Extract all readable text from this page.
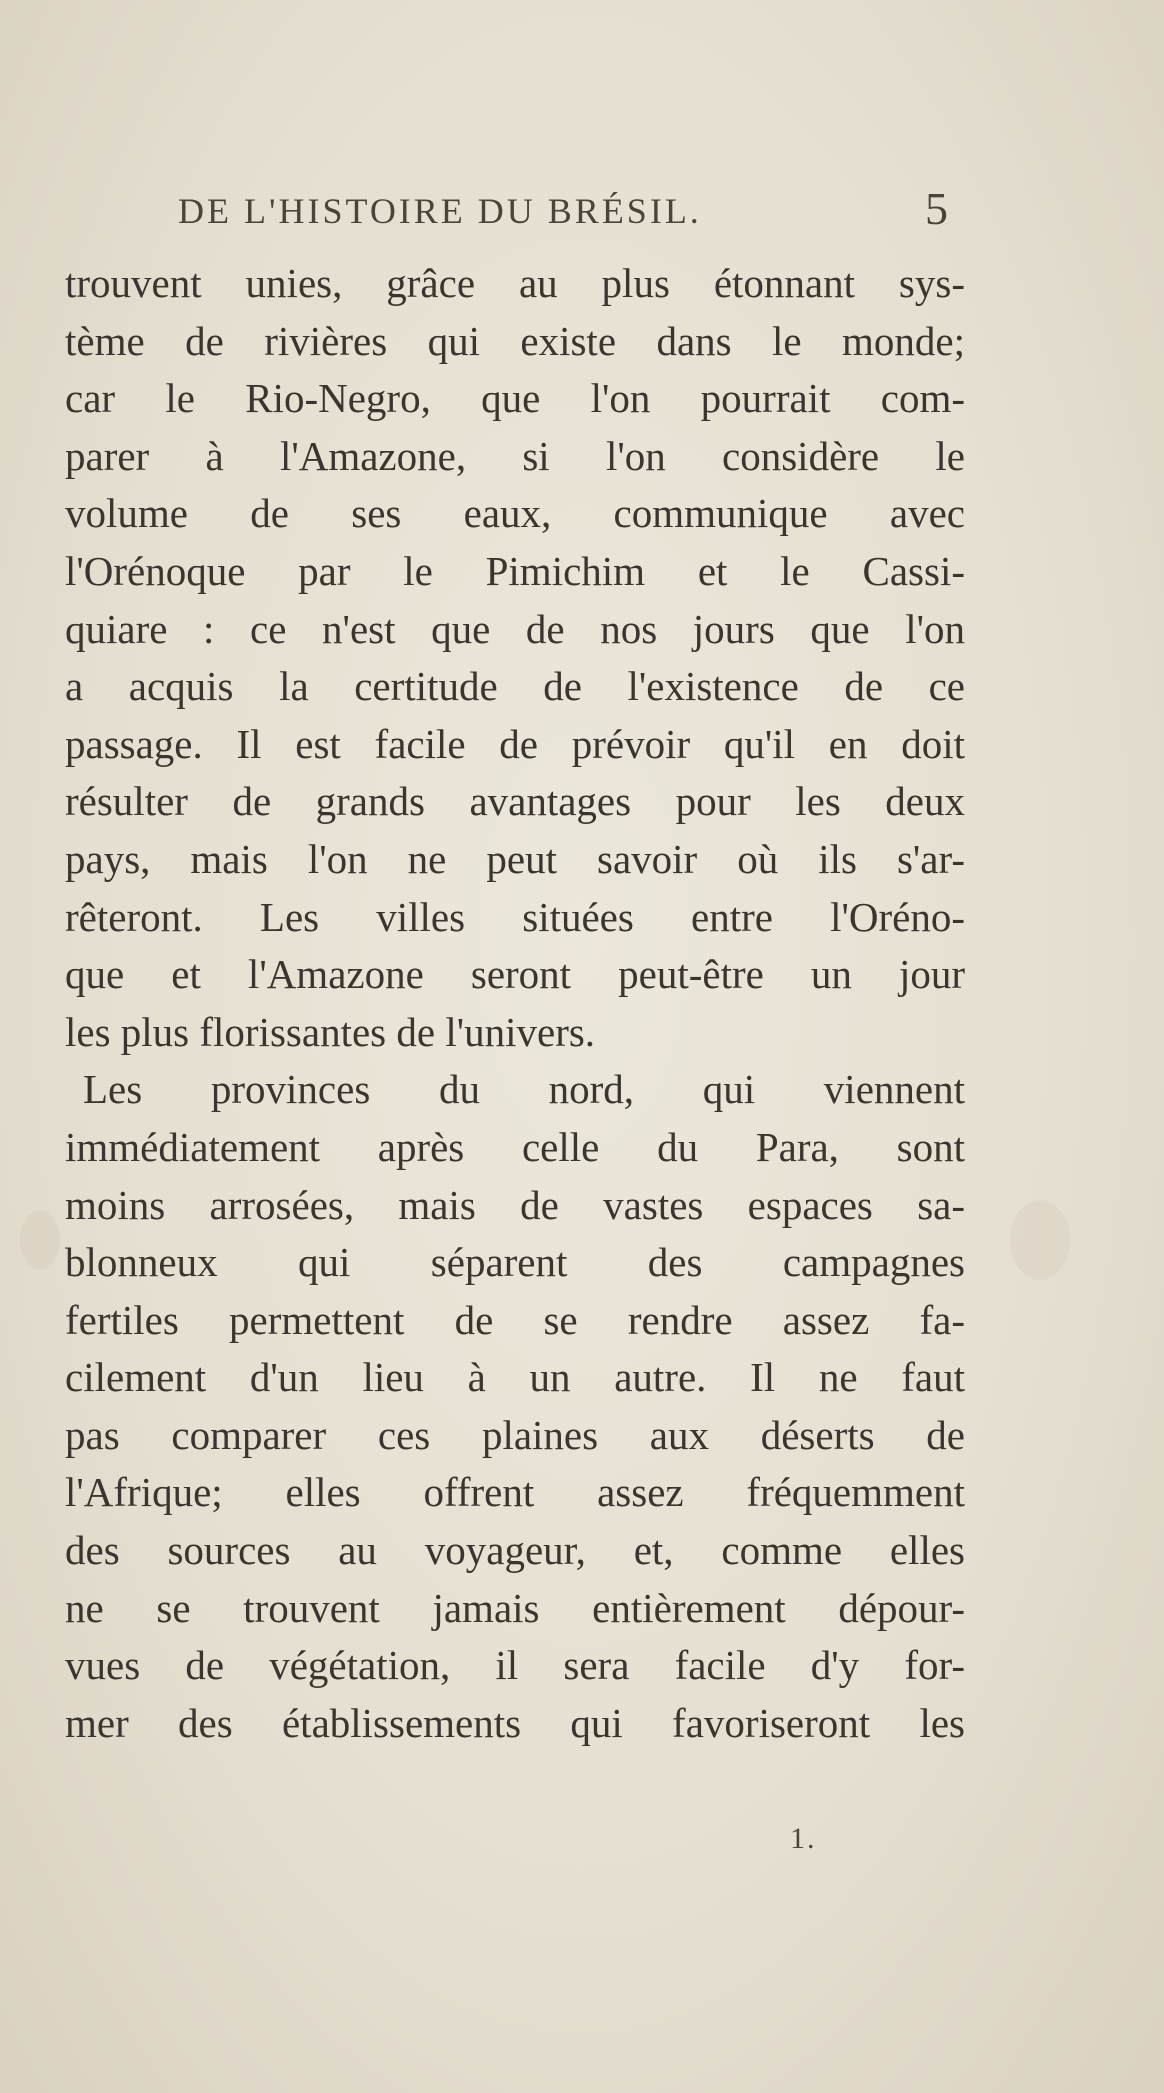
DE L'HISTOIRE DU BRÉSIL.	5
trouvent unies, grâce au plus étonnant sys-
tème de rivières qui existe dans le monde;
car le Rio-Negro, que l'on pourrait com-
parer à l'Amazone, si l'on considère le
volume de ses eaux, communique avec
l'Orénoque par le Pimichim et le Cassi-
quiare : ce n'est que de nos jours que l'on
a acquis la certitude de l'existence de ce
passage. Il est facile de prévoir qu'il en doit
résulter de grands avantages pour les deux
pays, mais l'on ne peut savoir où ils s'ar-
rêteront. Les villes situées entre l'Oréno-
que et l'Amazone seront peut-être un jour
les plus florissantes de l'univers.
Les provinces du nord, qui viennent
immédiatement après celle du Para, sont
moins arrosées, mais de vastes espaces sa-
blonneux qui séparent des campagnes
fertiles permettent de se rendre assez fa-
cilement d'un lieu à un autre. Il ne faut
pas comparer ces plaines aux déserts de
l'Afrique; elles offrent assez fréquemment
des sources au voyageur, et, comme elles
ne se trouvent jamais entièrement dépour-
vues de végétation, il sera facile d'y for-
mer des établissements qui favoriseront les
1.
